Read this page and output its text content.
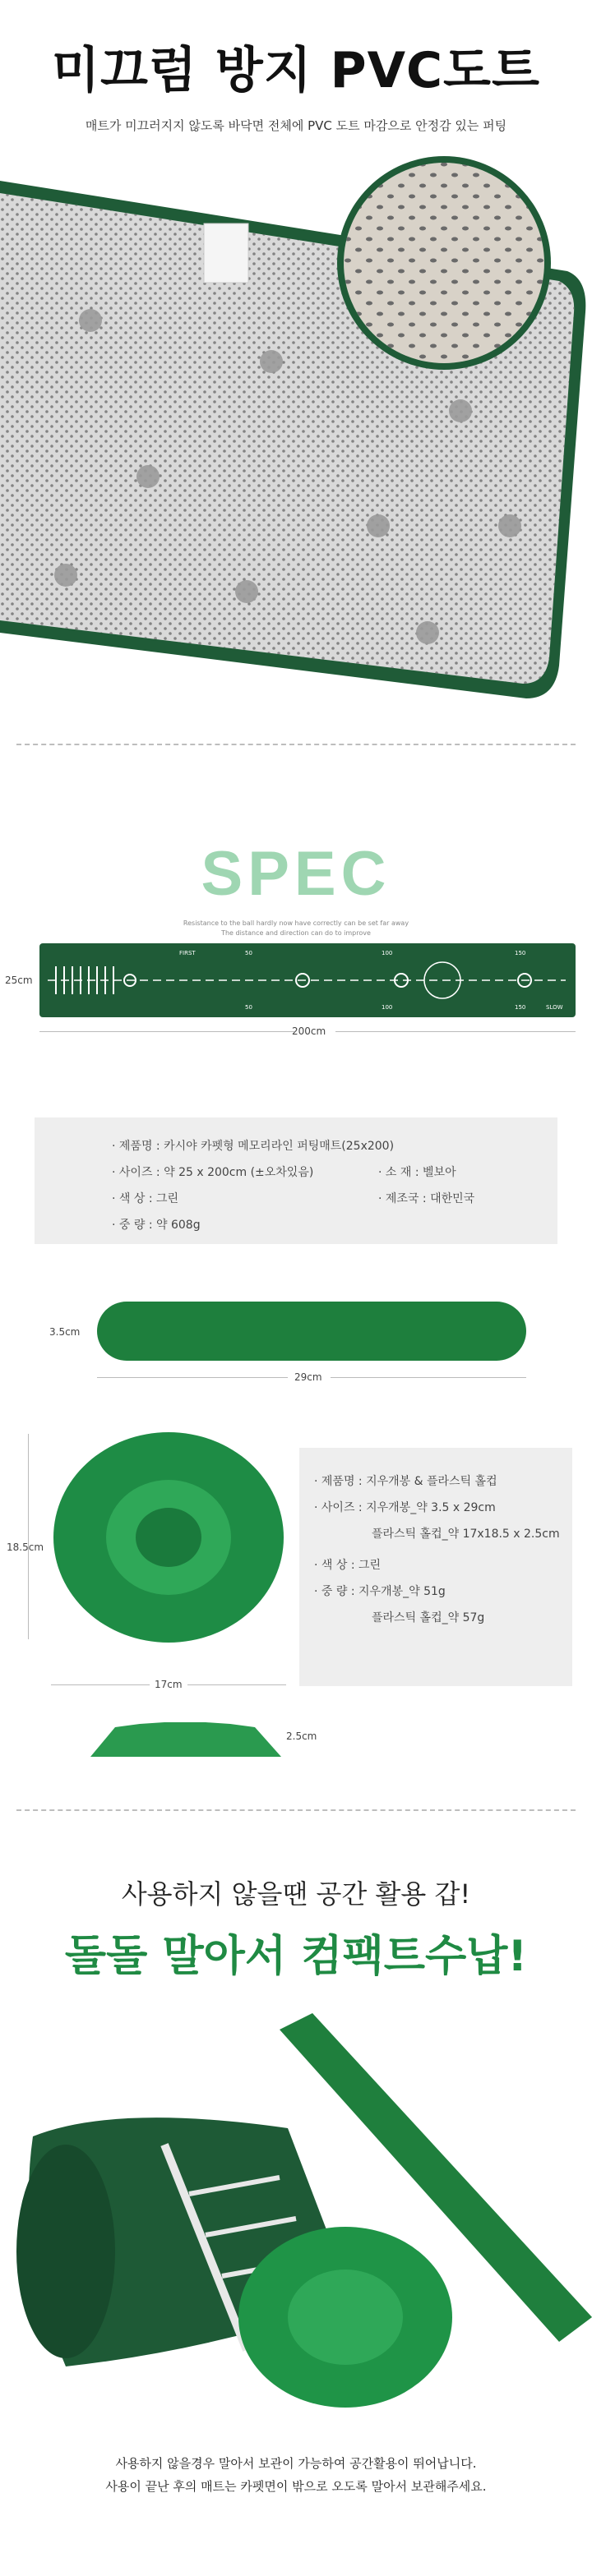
미끄럼 방지 PVC도트
매트가 미끄러지지 않도록 바닥면 전체에 PVC 도트 마감으로 안정감 있는 퍼팅
SPEC
Resistance to the ball hardly now have correctly can be set far away
The distance and direction can do to improve
25cm
FIRST	50	100	150
50	100	150	SLOW
200cm
· 제품명 : 카시야 카펫형 메모리라인 퍼팅매트(25x200)
· 사이즈 : 약 25 x 200cm (±오차있음)	· 소 재 : 벨보아
· 색 상 : 그린	· 제조국 : 대한민국
· 중 량 : 약 608g
3.5cm
29cm
18.5cm
17cm
· 제품명 : 지우개봉 & 플라스틱 홀컵
· 사이즈 : 지우개봉_약 3.5 x 29cm
플라스틱 홀컵_약 17x18.5 x 2.5cm
· 색 상 : 그린
· 중 량 : 지우개봉_약 51g
플라스틱 홀컵_약 57g
2.5cm
사용하지 않을땐 공간 활용 갑!
돌돌 말아서 컴팩트수납!
사용하지 않을경우 말아서 보관이 가능하여 공간활용이 뛰어납니다.
사용이 끝난 후의 매트는 카펫면이 밖으로 오도록 말아서 보관해주세요.
